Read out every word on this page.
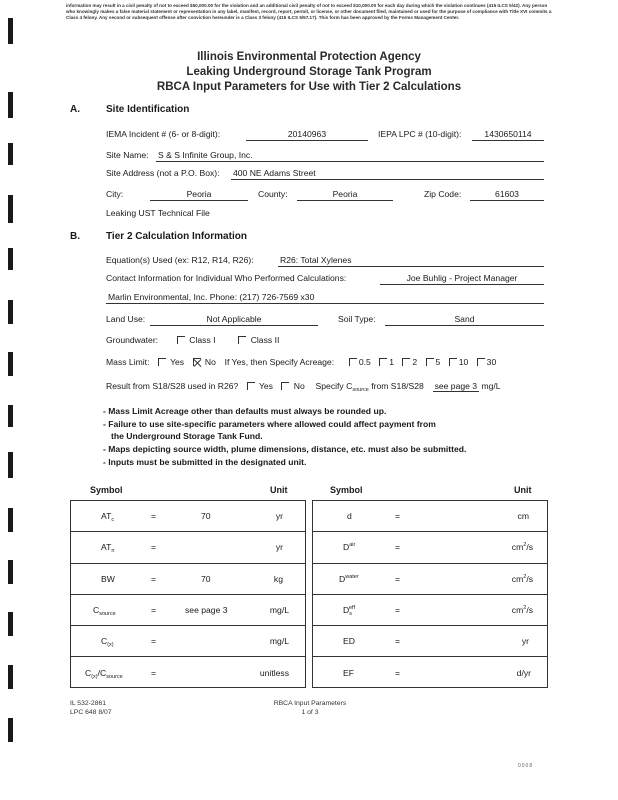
information may result in a civil penalty of not to exceed $50,000.00 for the violation and an additional civil penalty of not to exceed $10,000.00 for each day during which the violation continues (415 ILCS 5/42). Any person who knowingly makes a false material statement or representation in any label, manifest, record, report, permit, or license, or other document filed, maintained or used for the purpose of compliance with Title XVI commits a Class 4 felony. Any second or subsequent offense after conviction hereunder is a Class 3 felony (415 ILCS 5/57.17). This form has been approved by the Forms Management Center.
Illinois Environmental Protection Agency
Leaking Underground Storage Tank Program
RBCA Input Parameters for Use with Tier 2 Calculations
A.	Site Identification
IEMA Incident # (6- or 8-digit):	20140963	IEPA LPC # (10-digit):	1430650114
Site Name: S & S Infinite Group, Inc.
Site Address (not a P.O. Box): 400 NE Adams Street
City:	Peoria	County:	Peoria	Zip Code:	61603
Leaking UST Technical File
B.	Tier 2 Calculation Information
Equation(s) Used (ex: R12, R14, R26):	R26: Total Xylenes
Contact Information for Individual Who Performed Calculations:	Joe Buhlig - Project Manager
Marlin Environmental, Inc. Phone: (217) 726-7569 x30
Land Use:	Not Applicable	Soil Type:	Sand
Groundwater:	Class I	Class II
Mass Limit: Yes No If Yes, then Specify Acreage:	0.5 1 2 5 10 30
Result from S18/S28 used in R26? Yes No Specify $C_{source}$ from S18/S28 see page 3 mg/L
- Mass Limit Acreage other than defaults must always be rounded up.
- Failure to use site-specific parameters where allowed could affect payment from
the Underground Storage Tank Fund.
- Maps depicting source width, plume dimensions, distance, etc. must also be submitted.
- Inputs must be submitted in the designated unit.
Symbol	Unit	Symbol	Unit
$AT_c$	=	70	yr
$AT_n$	=	yr
BW	=	70	kg
$C_{source}$	=	see page 3	mg/L
$C_{(x)}$	=	mg/L
$C_{(x)}/C_{source}$	=	unitless
d	=	cm
$D^{air}$	=	$cm^2/s$
$D^{water}$	=	$cm^2/s$
$D_s^{eff}$	=	$cm^2/s$
ED	=	yr
EF	=	d/yr
IL 532-2861
LPC 648 8/07
RBCA Input Parameters
1 of 3
0008
